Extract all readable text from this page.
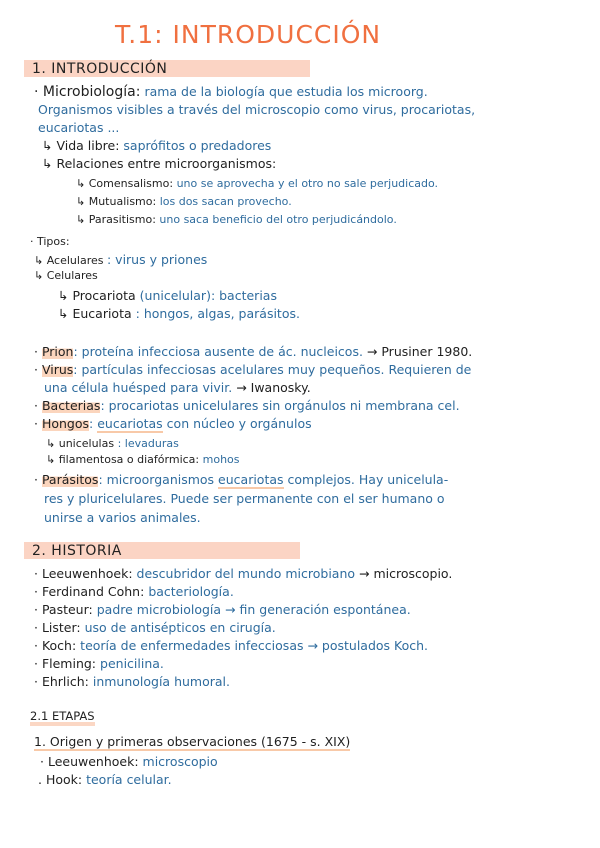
T.1: INTRODUCCIÓN
1. INTRODUCCIÓN
· Microbiología: rama de la biología que estudia los microorg.
Organismos visibles a través del microscopio como virus, procariotas,
eucariotas ...
↳ Vida libre: saprófitos o predadores
↳ Relaciones entre microorganismos:
↳ Comensalismo: uno se aprovecha y el otro no sale perjudicado.
↳ Mutualismo: los dos sacan provecho.
↳ Parasitismo: uno saca beneficio del otro perjudicándolo.
· Tipos:
↳ Acelulares : virus y priones
↳ Celulares
↳ Procariota (unicelular): bacterias
↳ Eucariota : hongos, algas, parásitos.
· Prion: proteína infecciosa ausente de ác. nucleicos. → Prusiner 1980.
· Virus: partículas infecciosas acelulares muy pequeños. Requieren de
una célula huésped para vivir. → Iwanosky.
· Bacterias: procariotas unicelulares sin orgánulos ni membrana cel.
· Hongos: eucariotas con núcleo y orgánulos
↳ unicelulas : levaduras
↳ filamentosa o diafórmica: mohos
· Parásitos: microorganismos eucariotas complejos. Hay unicelula-
res y pluricelulares. Puede ser permanente con el ser humano o
unirse a varios animales.
2. HISTORIA
· Leeuwenhoek: descubridor del mundo microbiano → microscopio.
· Ferdinand Cohn: bacteriología.
· Pasteur: padre microbiología → fin generación espontánea.
· Lister: uso de antisépticos en cirugía.
· Koch: teoría de enfermedades infecciosas → postulados Koch.
· Fleming: penicilina.
· Ehrlich: inmunología humoral.
2.1 ETAPAS
1. Origen y primeras observaciones (1675 - s. XIX)
· Leeuwenhoek: microscopio
. Hook: teoría celular.
